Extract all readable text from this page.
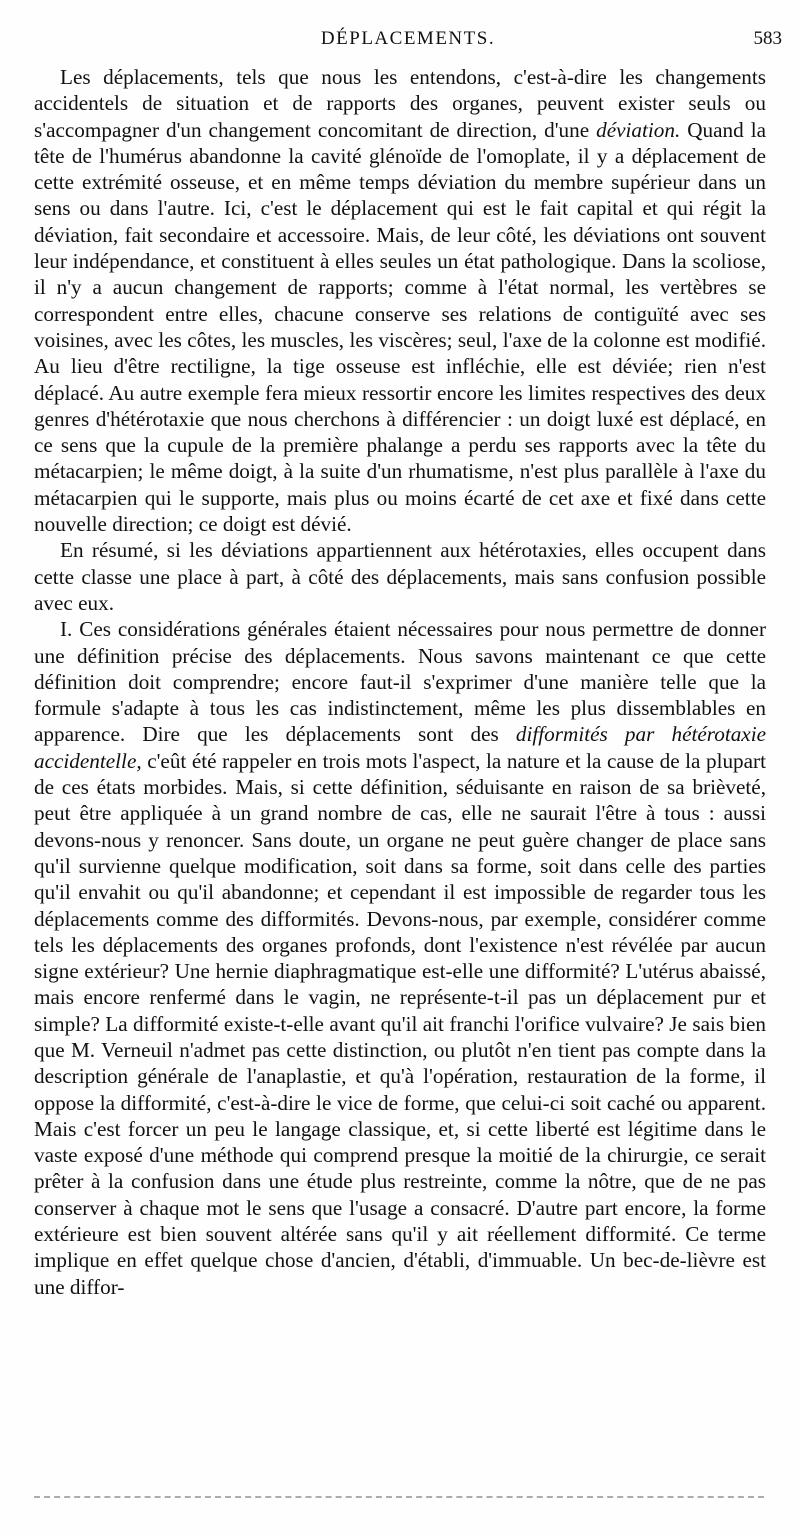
DÉPLACEMENTS.	583

Les déplacements, tels que nous les entendons, c'est-à-dire les changements accidentels de situation et de rapports des organes, peuvent exister seuls ou s'accompagner d'un changement concomitant de direction, d'une déviation. Quand la tête de l'humérus abandonne la cavité glénoïde de l'omoplate, il y a déplacement de cette extrémité osseuse, et en même temps déviation du membre supérieur dans un sens ou dans l'autre. Ici, c'est le déplacement qui est le fait capital et qui régit la déviation, fait secondaire et accessoire. Mais, de leur côté, les déviations ont souvent leur indépendance, et constituent à elles seules un état pathologique. Dans la scoliose, il n'y a aucun changement de rapports; comme à l'état normal, les vertèbres se correspondent entre elles, chacune conserve ses relations de contiguïté avec ses voisines, avec les côtes, les muscles, les viscères; seul, l'axe de la colonne est modifié. Au lieu d'être rectiligne, la tige osseuse est infléchie, elle est déviée; rien n'est déplacé. Au autre exemple fera mieux ressortir encore les limites respectives des deux genres d'hétérotaxie que nous cherchons à différencier : un doigt luxé est déplacé, en ce sens que la cupule de la première phalange a perdu ses rapports avec la tête du métacarpien; le même doigt, à la suite d'un rhumatisme, n'est plus parallèle à l'axe du métacarpien qui le supporte, mais plus ou moins écarté de cet axe et fixé dans cette nouvelle direction; ce doigt est dévié.

En résumé, si les déviations appartiennent aux hétérotaxies, elles occupent dans cette classe une place à part, à côté des déplacements, mais sans confusion possible avec eux.

I. Ces considérations générales étaient nécessaires pour nous permettre de donner une définition précise des déplacements. Nous savons maintenant ce que cette définition doit comprendre; encore faut-il s'exprimer d'une manière telle que la formule s'adapte à tous les cas indistinctement, même les plus dissemblables en apparence. Dire que les déplacements sont des difformités par hétérotaxie accidentelle, c'eût été rappeler en trois mots l'aspect, la nature et la cause de la plupart de ces états morbides. Mais, si cette définition, séduisante en raison de sa brièveté, peut être appliquée à un grand nombre de cas, elle ne saurait l'être à tous : aussi devons-nous y renoncer. Sans doute, un organe ne peut guère changer de place sans qu'il survienne quelque modification, soit dans sa forme, soit dans celle des parties qu'il envahit ou qu'il abandonne; et cependant il est impossible de regarder tous les déplacements comme des difformités. Devons-nous, par exemple, considérer comme tels les déplacements des organes profonds, dont l'existence n'est révélée par aucun signe extérieur? Une hernie diaphragmatique est-elle une difformité? L'utérus abaissé, mais encore renfermé dans le vagin, ne représente-t-il pas un déplacement pur et simple? La difformité existe-t-elle avant qu'il ait franchi l'orifice vulvaire? Je sais bien que M. Verneuil n'admet pas cette distinction, ou plutôt n'en tient pas compte dans la description générale de l'anaplastie, et qu'à l'opération, restauration de la forme, il oppose la difformité, c'est-à-dire le vice de forme, que celui-ci soit caché ou apparent. Mais c'est forcer un peu le langage classique, et, si cette liberté est légitime dans le vaste exposé d'une méthode qui comprend presque la moitié de la chirurgie, ce serait prêter à la confusion dans une étude plus restreinte, comme la nôtre, que de ne pas conserver à chaque mot le sens que l'usage a consacré. D'autre part encore, la forme extérieure est bien souvent altérée sans qu'il y ait réellement difformité. Ce terme implique en effet quelque chose d'ancien, d'établi, d'immuable. Un bec-de-lièvre est une diffor-
